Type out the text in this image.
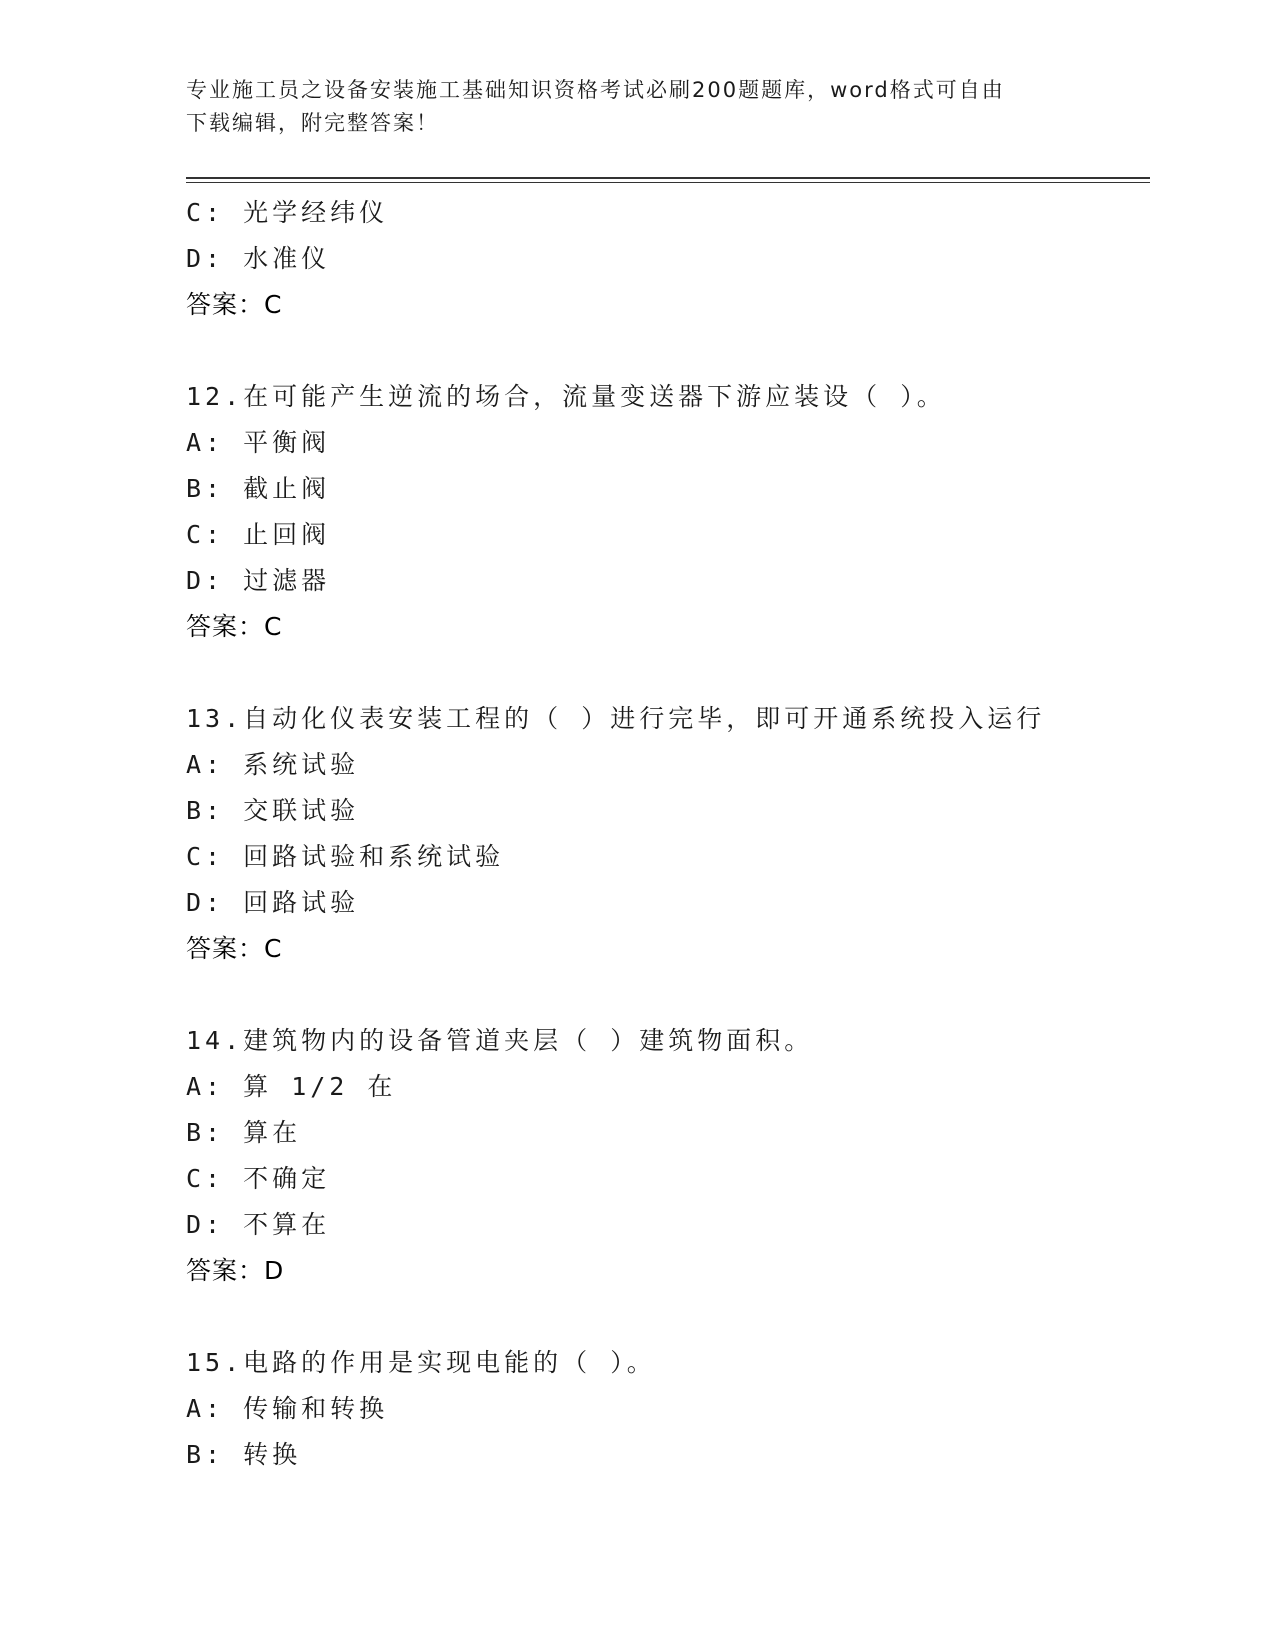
专业施工员之设备安装施工基础知识资格考试必刷200题题库，word格式可自由
下载编辑，附完整答案！
C: 光学经纬仪
D: 水准仪
答案：C
12.在可能产生逆流的场合，流量变送器下游应装设（ ）。
A: 平衡阀
B: 截止阀
C: 止回阀
D: 过滤器
答案：C
13.自动化仪表安装工程的（ ）进行完毕，即可开通系统投入运行
A: 系统试验
B: 交联试验
C: 回路试验和系统试验
D: 回路试验
答案：C
14.建筑物内的设备管道夹层（ ）建筑物面积。
A: 算 1/2 在
B: 算在
C: 不确定
D: 不算在
答案：D
15.电路的作用是实现电能的（ ）。
A: 传输和转换
B: 转换
